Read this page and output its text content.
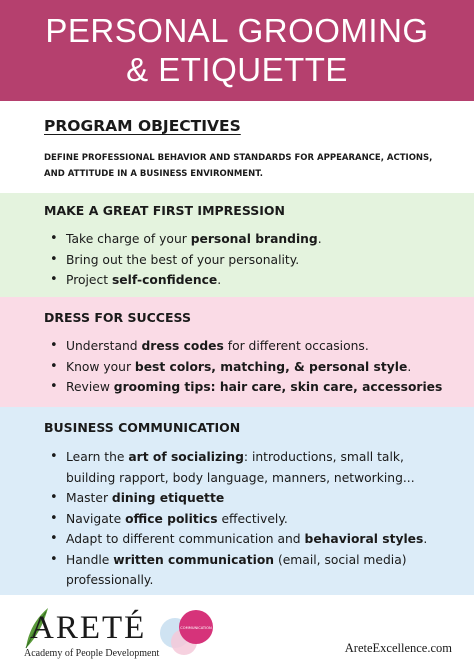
PERSONAL GROOMING
& ETIQUETTE
PROGRAM OBJECTIVES
DEFINE PROFESSIONAL BEHAVIOR AND STANDARDS FOR APPEARANCE, ACTIONS, AND ATTITUDE IN A BUSINESS ENVIRONMENT.
MAKE A GREAT FIRST IMPRESSION
• Take charge of your personal branding.
• Bring out the best of your personality.
• Project self-confidence.
DRESS FOR SUCCESS
• Understand dress codes for different occasions.
• Know your best colors, matching, & personal style.
• Review grooming tips: hair care, skin care, accessories
BUSINESS COMMUNICATION
• Learn the art of socializing: introductions, small talk,
building rapport, body language, manners, networking...
• Master dining etiquette
• Navigate office politics effectively.
• Adapt to different communication and behavioral styles.
• Handle written communication (email, social media)
professionally.
ARETÉ
Academy of People Development
COMMUNICATION
AreteExcellence.com
